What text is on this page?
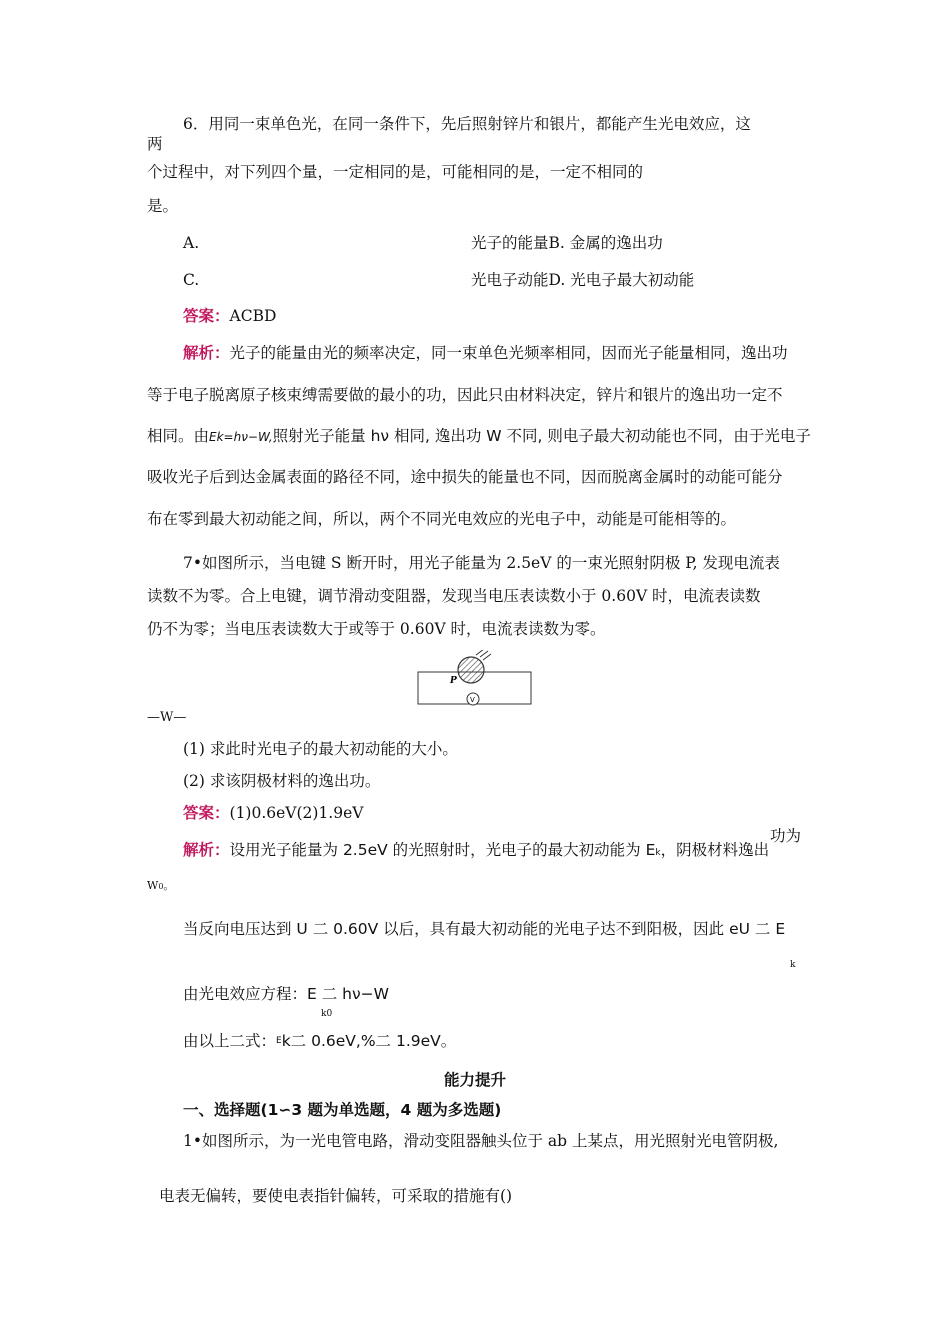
6．用同一束单色光，在同一条件下，先后照射锌片和银片，都能产生光电效应，这
两
个过程中，对下列四个量，一定相同的是，可能相同的是，一定不相同的
是。
A.	光子的能量B. 金属的逸出功
C.	光电子动能D. 光电子最大初动能
答案：ACBD
解析：光子的能量由光的频率决定，同一束单色光频率相同，因而光子能量相同，逸出功
等于电子脱离原子核束缚需要做的最小的功，因此只由材料决定，锌片和银片的逸出功一定不
相同。由Ek=hν−W,照射光子能量 hν 相同, 逸出功 W 不同, 则电子最大初动能也不同，由于光电子
吸收光子后到达金属表面的路径不同，途中损失的能量也不同，因而脱离金属时的动能可能分
布在零到最大初动能之间，所以，两个不同光电效应的光电子中，动能是可能相等的。
7•如图所示，当电键 S 断开时，用光子能量为 2.5eV 的一束光照射阴极 P, 发现电流表
读数不为零。合上电键，调节滑动变阻器，发现当电压表读数小于 0.60V 时，电流表读数
仍不为零；当电压表读数大于或等于 0.60V 时，电流表读数为零。
P
V
—W—
(1) 求此时光电子的最大初动能的大小。
(2) 求该阴极材料的逸出功。
答案：(1)0.6eV(2)1.9eV
解析：设用光子能量为 2.5eV 的光照射时，光电子的最大初动能为 Ek，阴极材料逸出
功为
W0。
当反向电压达到 U 二 0.60V 以后，具有最大初动能的光电子达不到阳极，因此 eU 二 E
k
由光电效应方程：E 二 hν−W
k0
由以上二式：$^E$k二 0.6eV,%二 1.9eV。
能力提升
一、选择题(1∽3 题为单选题，4 题为多选题)
1•如图所示，为一光电管电路，滑动变阻器触头位于 ab 上某点，用光照射光电管阴极,
电表无偏转，要使电表指针偏转，可采取的措施有()
